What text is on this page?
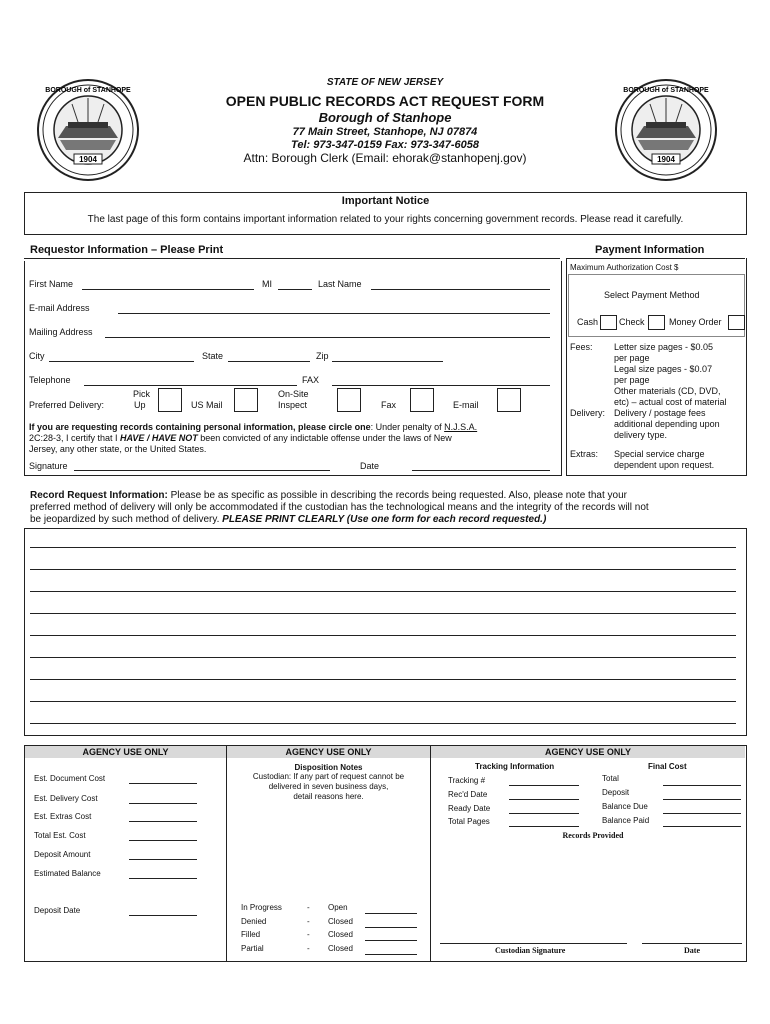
1904
BOROUGH of STANHOPE
1904
BOROUGH of STANHOPE
STATE OF NEW JERSEY
OPEN PUBLIC RECORDS ACT REQUEST FORM
Borough of Stanhope
77 Main Street, Stanhope, NJ 07874
Tel: 973-347-0159 Fax: 973-347-6058
Attn: Borough Clerk (Email: ehorak@stanhopenj.gov)
Important Notice
The last page of this form contains important information related to your rights concerning government records. Please read it carefully.
Requestor Information – Please Print
First Name	MI	Last Name
E-mail Address
Mailing Address
City	State	Zip
Telephone	FAX
Preferred Delivery:
Pick
Up	US Mail
On-Site
Inspect	Fax	E-mail
If you are requesting records containing personal information, please circle one: Under penalty of N.J.S.A.
2C:28-3, I certify that I HAVE / HAVE NOT been convicted of any indictable offense under the laws of New
Jersey, any other state, or the United States.
Signature	Date
Payment Information
Maximum Authorization Cost $
Select Payment Method
Cash Check	Money Order
Fees: Letter size pages - $0.05
per page
Legal size pages - $0.07
per page
Other materials (CD, DVD,
etc) – actual cost of material
Delivery: Delivery / postage fees
additional depending upon
delivery type.
Extras: Special service charge
dependent upon request.
Record Request Information: Please be as specific as possible in describing the records being requested. Also, please note that your
preferred method of delivery will only be accommodated if the custodian has the technological means and the integrity of the records will not
be jeopardized by such method of delivery. PLEASE PRINT CLEARLY (Use one form for each record requested.)
AGENCY USE ONLY	AGENCY USE ONLY	AGENCY USE ONLY
Est. Document Cost
Est. Delivery Cost
Est. Extras Cost
Total Est. Cost
Deposit Amount
Estimated Balance
Deposit Date
Disposition Notes
Custodian: If any part of request cannot be
delivered in seven business days,
detail reasons here.
In Progress	- Open
Denied	- Closed
Filled	- Closed
Partial	- Closed
Tracking Information	Final Cost
Tracking #
Rec'd Date
Ready Date
Total Pages
Total
Deposit
Balance Due
Balance Paid
Records Provided
Custodian Signature	Date
